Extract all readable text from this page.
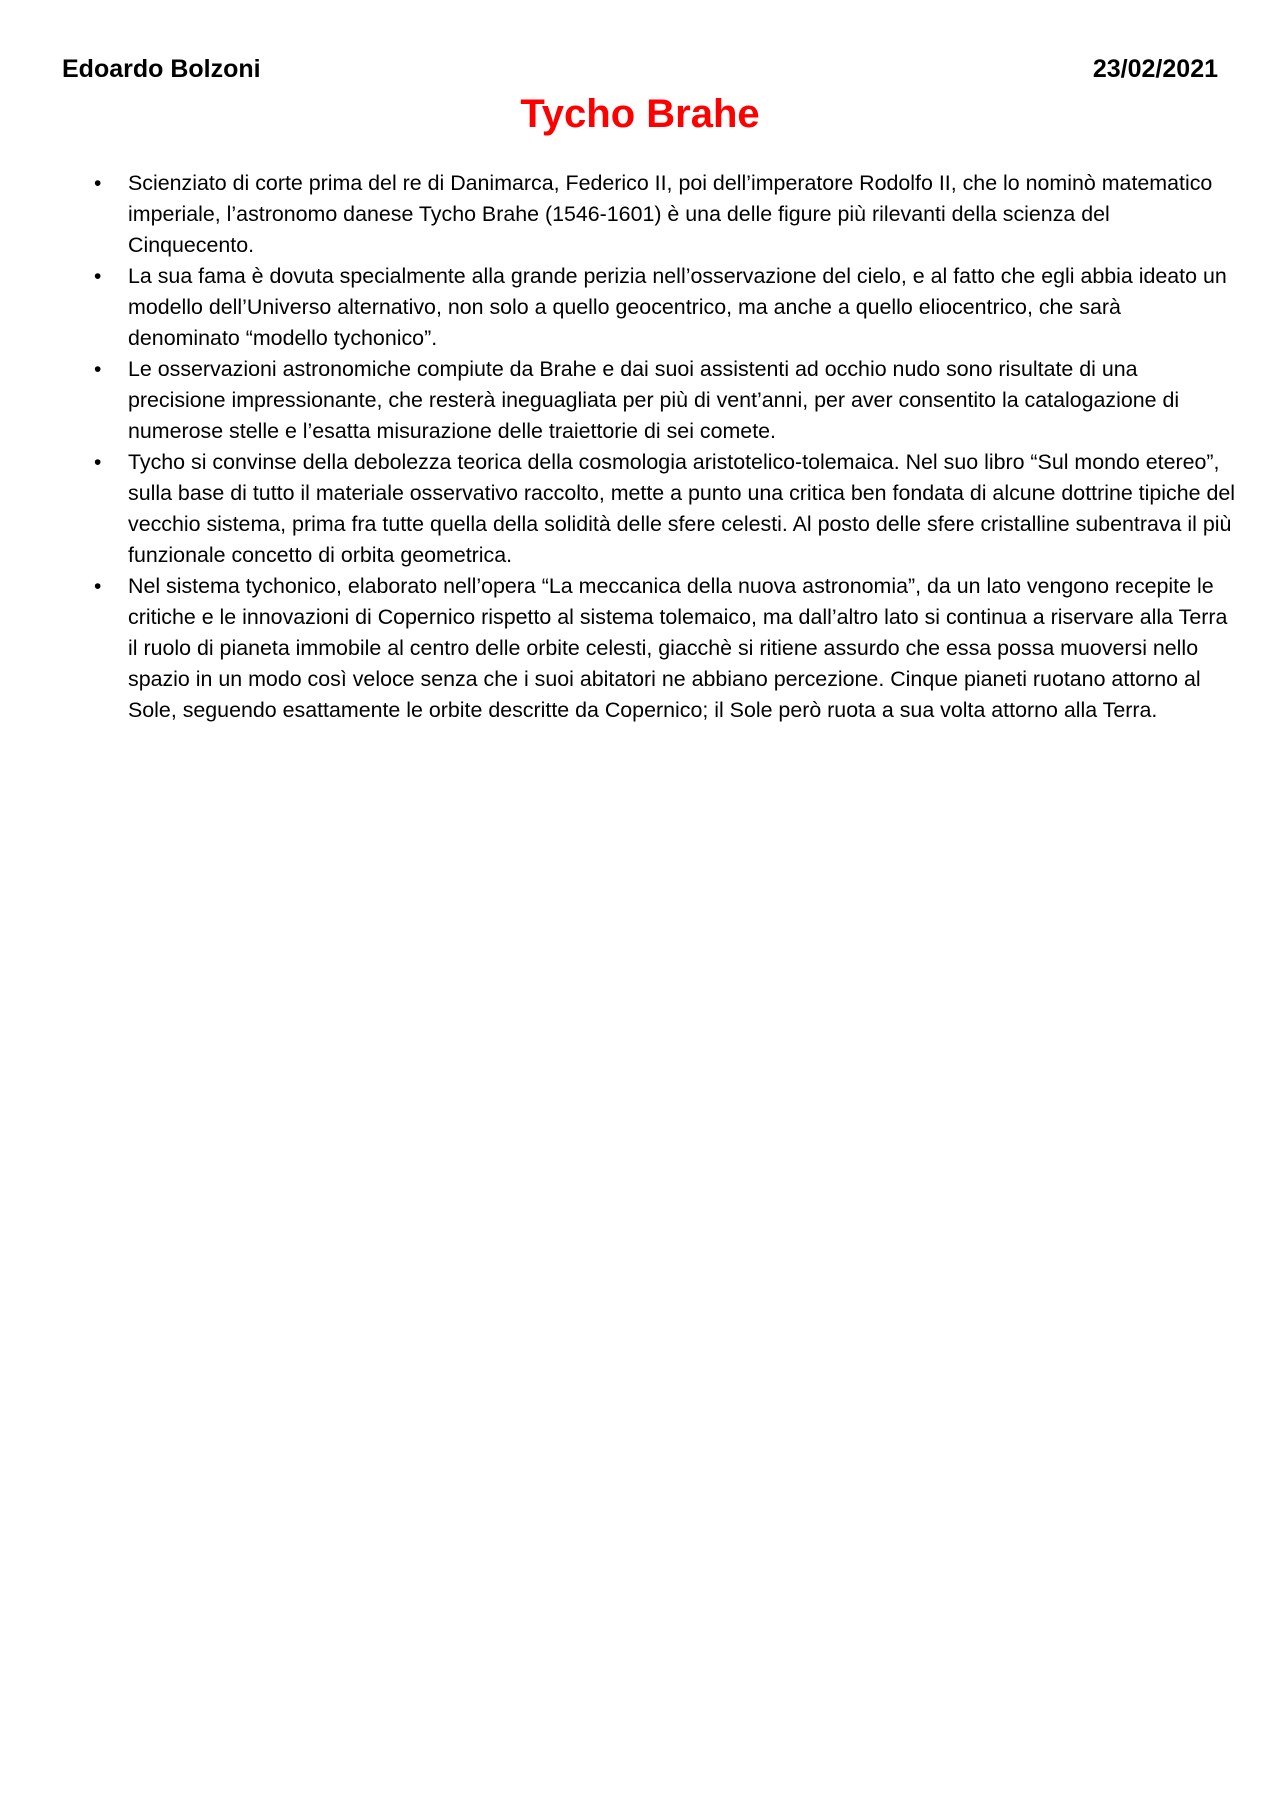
Edoardo Bolzoni	23/02/2021
Tycho Brahe
•	Scienziato di corte prima del re di Danimarca, Federico II, poi dell’imperatore Rodolfo II, che lo nominò matematico imperiale, l’astronomo danese Tycho Brahe (1546-1601) è una delle figure più rilevanti della scienza del Cinquecento.
•	La sua fama è dovuta specialmente alla grande perizia nell’osservazione del cielo, e al fatto che egli abbia ideato un modello dell’Universo alternativo, non solo a quello geocentrico, ma anche a quello eliocentrico, che sarà denominato “modello tychonico”.
•	Le osservazioni astronomiche compiute da Brahe e dai suoi assistenti ad occhio nudo sono risultate di una precisione impressionante, che resterà ineguagliata per più di vent’anni, per aver consentito la catalogazione di numerose stelle e l’esatta misurazione delle traiettorie di sei comete.
•	Tycho si convinse della debolezza teorica della cosmologia aristotelico-tolemaica. Nel suo libro “Sul mondo etereo”, sulla base di tutto il materiale osservativo raccolto, mette a punto una critica ben fondata di alcune dottrine tipiche del vecchio sistema, prima fra tutte quella della solidità delle sfere celesti. Al posto delle sfere cristalline subentrava il più funzionale concetto di orbita geometrica.
•	Nel sistema tychonico, elaborato nell’opera “La meccanica della nuova astronomia”, da un lato vengono recepite le critiche e le innovazioni di Copernico rispetto al sistema tolemaico, ma dall’altro lato si continua a riservare alla Terra il ruolo di pianeta immobile al centro delle orbite celesti, giacchè si ritiene assurdo che essa possa muoversi nello spazio in un modo così veloce senza che i suoi abitatori ne abbiano percezione. Cinque pianeti ruotano attorno al Sole, seguendo esattamente le orbite descritte da Copernico; il Sole però ruota a sua volta attorno alla Terra.
